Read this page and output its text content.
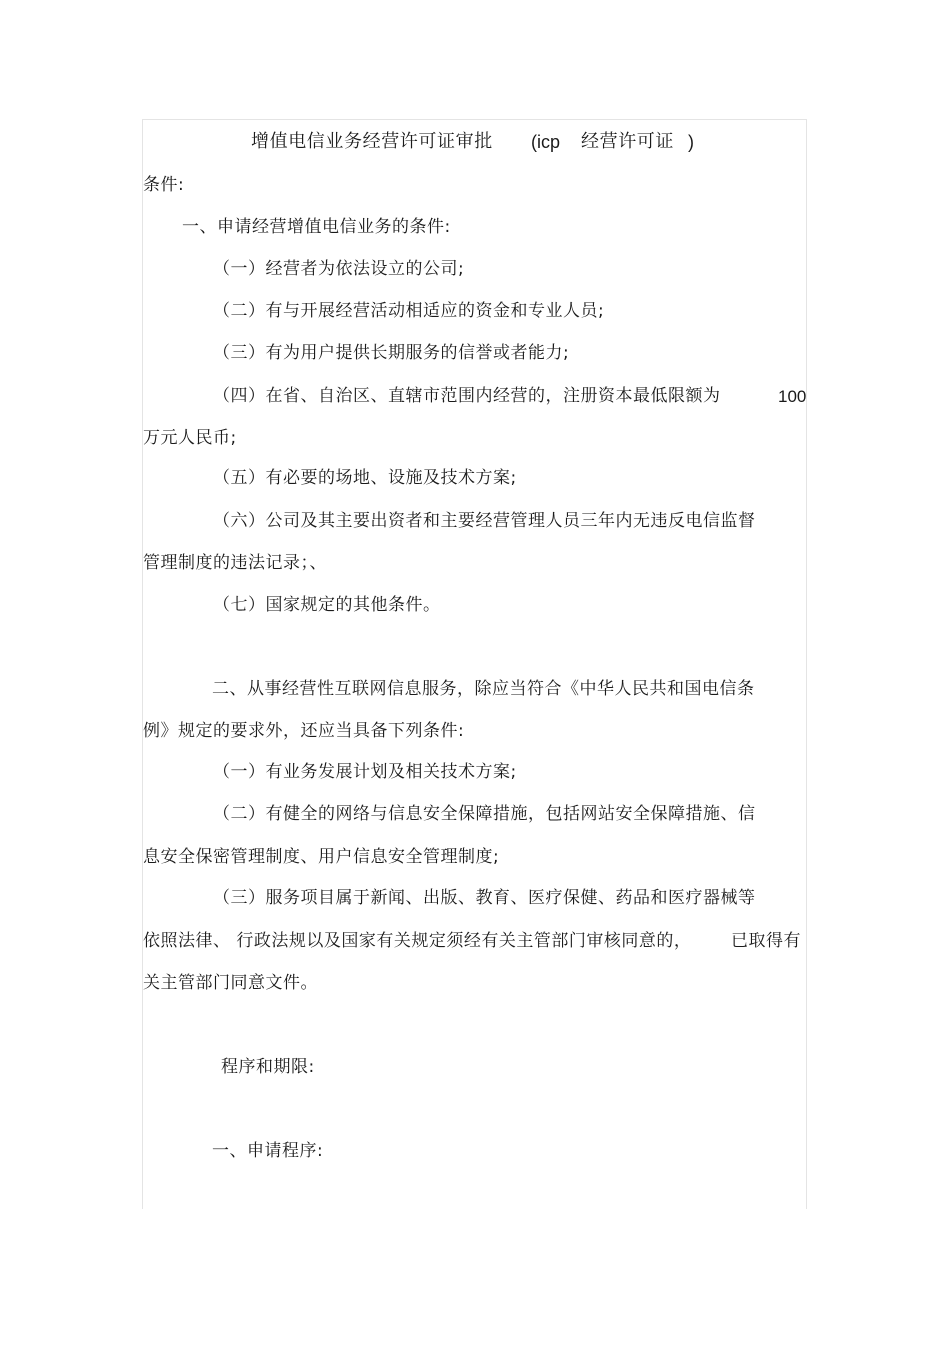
增值电信业务经营许可证审批 (icp 经营许可证 )
条件:
一、申请经营增值电信业务的条件:
（一）经营者为依法设立的公司;
（二）有与开展经营活动相适应的资金和专业人员;
（三）有为用户提供长期服务的信誉或者能力;
（四）在省、自治区、直辖市范围内经营的，注册资本最低限额为	100
万元人民币;
（五）有必要的场地、设施及技术方案;
（六）公司及其主要出资者和主要经营管理人员三年内无违反电信监督
管理制度的违法记录；、
（七）国家规定的其他条件。
二、从事经营性互联网信息服务，除应当符合《中华人民共和国电信条
例》规定的要求外，还应当具备下列条件:
（一）有业务发展计划及相关技术方案;
（二）有健全的网络与信息安全保障措施，包括网站安全保障措施、信
息安全保密管理制度、用户信息安全管理制度;
（三）服务项目属于新闻、出版、教育、医疗保健、药品和医疗器械等
依照法律、 行政法规以及国家有关规定须经有关主管部门审核同意的， 已取得有
关主管部门同意文件。
程序和期限:
一、申请程序:
